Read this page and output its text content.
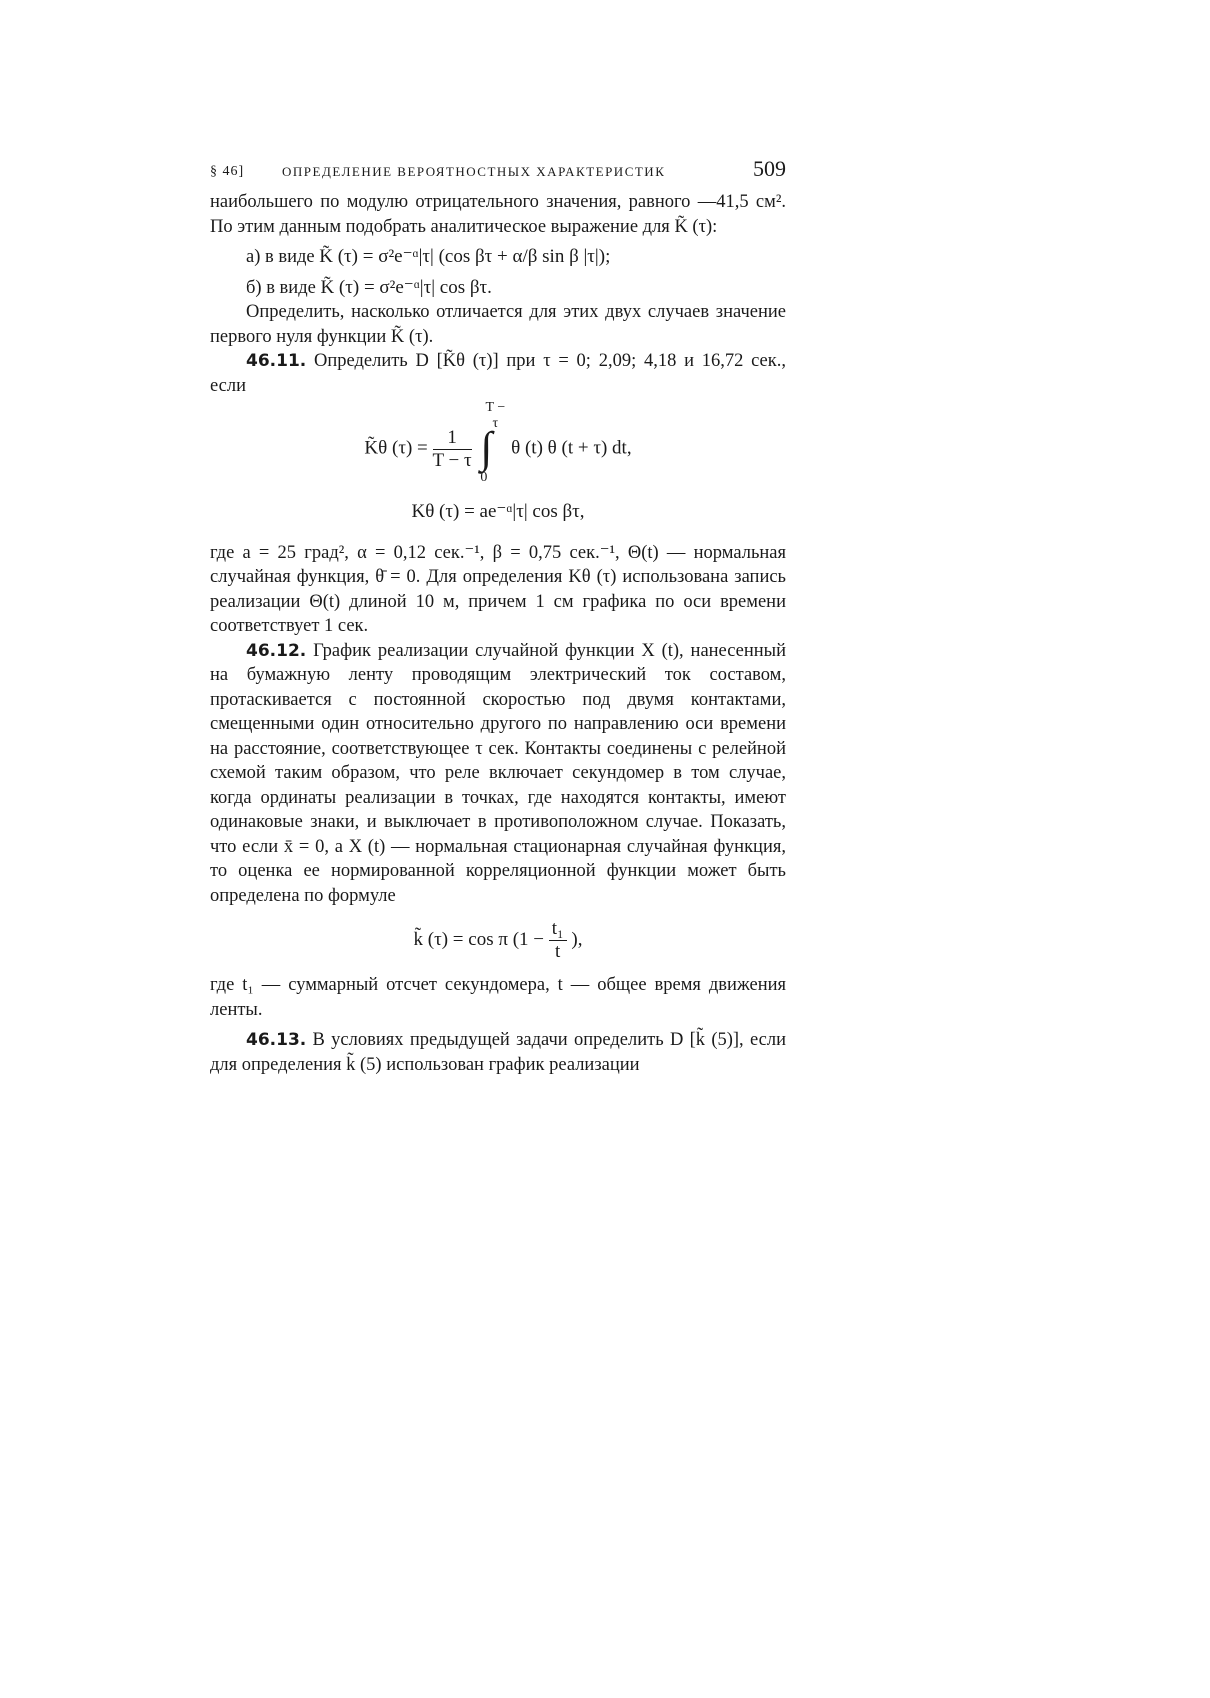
§ 46]	ОПРЕДЕЛЕНИЕ ВЕРОЯТНОСТНЫХ ХАРАКТЕРИСТИК	509

наибольшего по модулю отрицательного значения, равного —41,5 см². По этим данным подобрать аналитическое выражение для K̃ (τ):

а) в виде K̃ (τ) = σ²e⁻ᵅ|τ| (cos βτ + α/β sin β |τ|);
б) в виде K̃ (τ) = σ²e⁻ᵅ|τ| cos βτ.

Определить, насколько отличается для этих двух случаев значение первого нуля функции K̃ (τ).

46.11. Определить D [K̃θ (τ)] при τ = 0; 2,09; 4,18 и 16,72 сек., если

K̃θ $(\tau) = \frac{1}{T - \tau}$

T − τ
∫
0
θ (t) θ (t + τ) dt,
Kθ (τ) = ae⁻ᵅ|τ| cos βτ,

где a = 25 град², α = 0,12 сек.⁻¹, β = 0,75 сек.⁻¹, Θ(t) — нормальная случайная функция, θ̄ = 0. Для определения Kθ (τ) использована запись реализации Θ(t) длиной 10 м, причем 1 см графика по оси времени соответствует 1 сек.

46.12. График реализации случайной функции X (t), нанесенный на бумажную ленту проводящим электрический ток составом, протаскивается с постоянной скоростью под двумя контактами, смещенными один относительно другого по направлению оси времени на расстояние, соответствующее τ сек. Контакты соединены с релейной схемой таким образом, что реле включает секундомер в том случае, когда ординаты реализации в точках, где находятся контакты, имеют одинаковые знаки, и выключает в противоположном случае. Показать, что если x̄ = 0, а X (t) — нормальная стационарная случайная функция, то оценка ее нормированной корреляционной функции может быть определена по формуле

k̃ (τ) = cos π ($1 - \frac{\text{t₁}}{t}$ ),

где t₁ — суммарный отсчет секундомера, t — общее время движения ленты.

46.13. В условиях предыдущей задачи определить D [k̃ (5)], если для определения k̃ (5) использован график реализации
